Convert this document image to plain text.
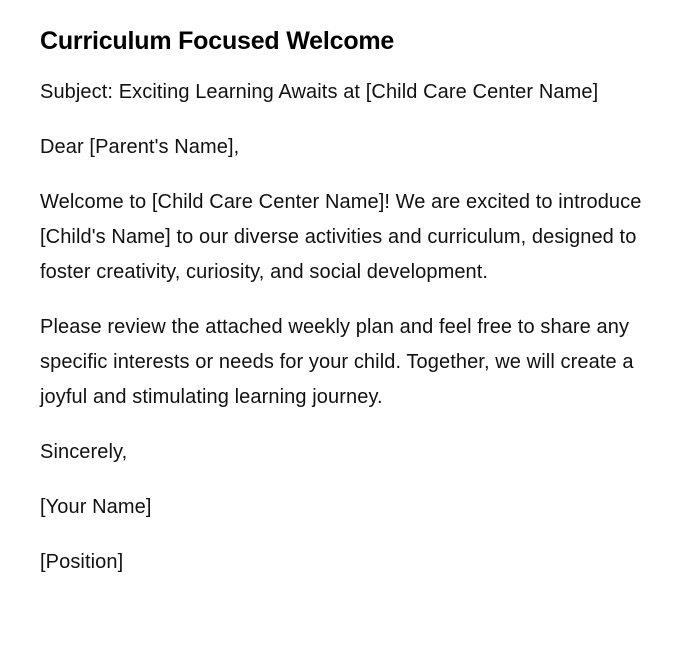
Curriculum Focused Welcome

Subject: Exciting Learning Awaits at [Child Care Center Name]

Dear [Parent's Name],

Welcome to [Child Care Center Name]! We are excited to introduce [Child's Name] to our diverse activities and curriculum, designed to foster creativity, curiosity, and social development.

Please review the attached weekly plan and feel free to share any specific interests or needs for your child. Together, we will create a joyful and stimulating learning journey.

Sincerely,

[Your Name]

[Position]
